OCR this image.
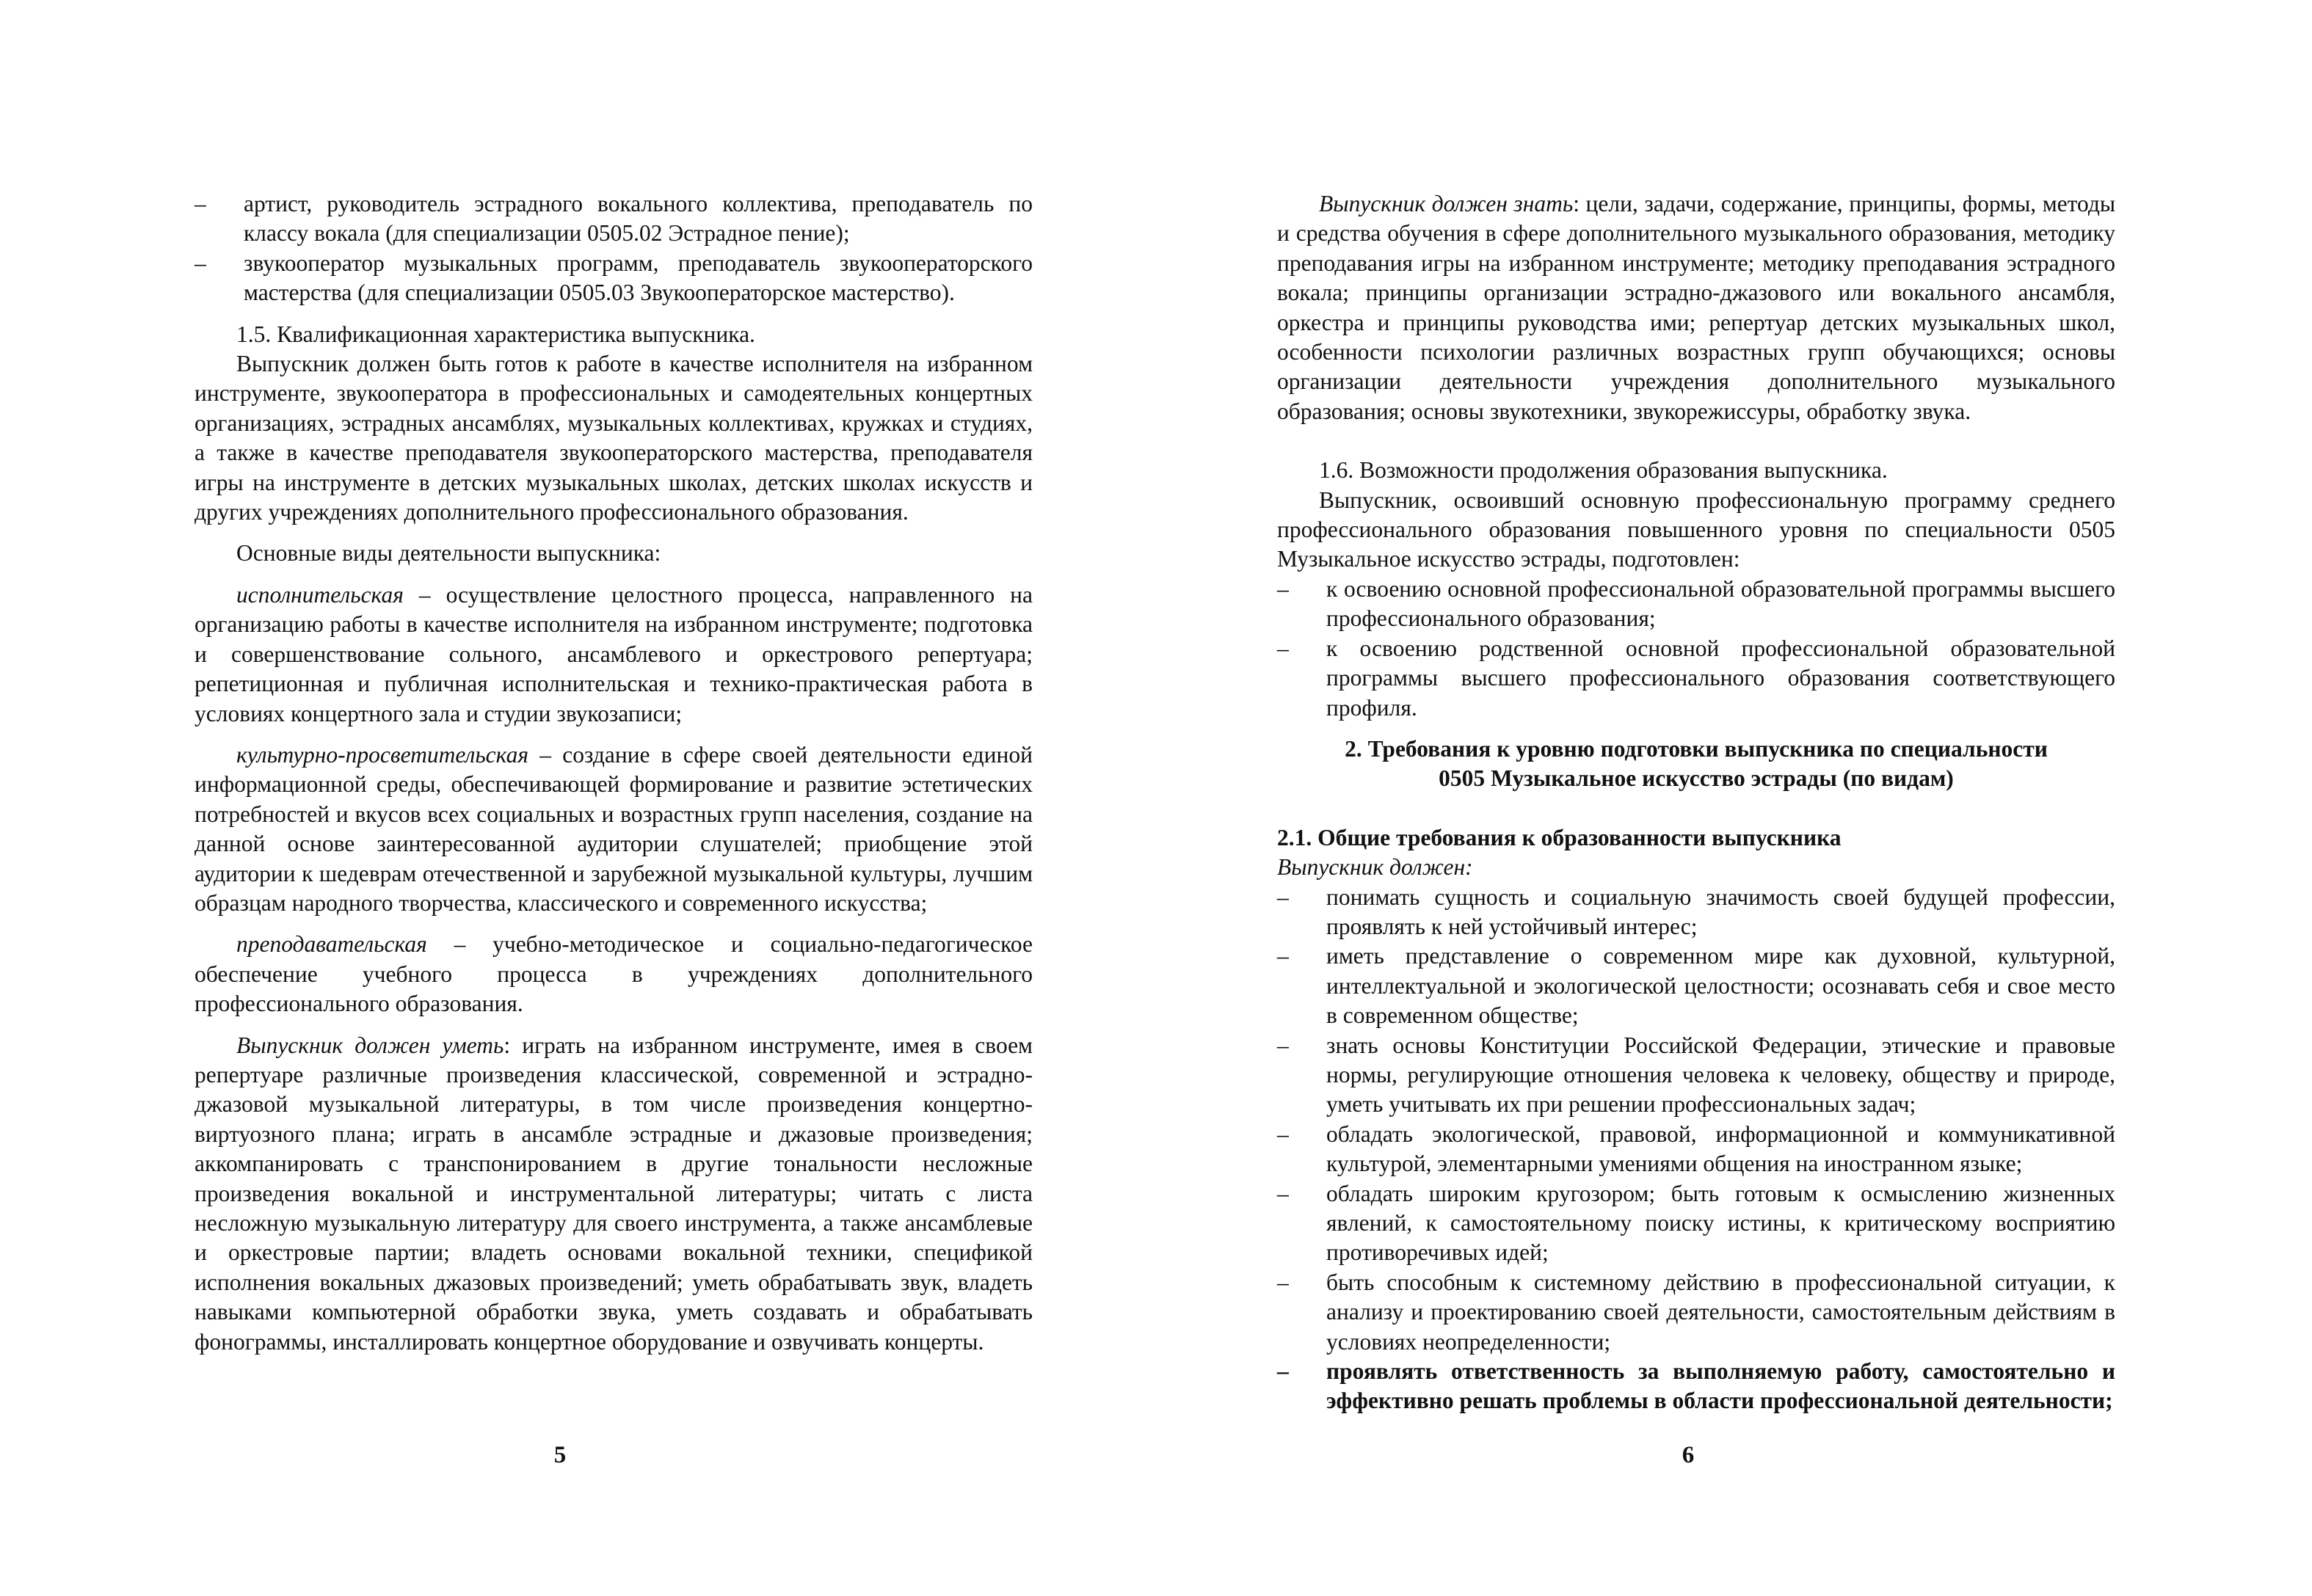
– артист, руководитель эстрадного вокального коллектива, преподаватель по классу вокала (для специализации 0505.02 Эстрадное пение);
– звукооператор музыкальных программ, преподаватель звукооператорского мастерства (для специализации 0505.03 Звукооператорское мастерство).

1.5. Квалификационная характеристика выпускника.

Выпускник должен быть готов к работе в качестве исполнителя на избранном инструменте, звукооператора в профессиональных и самодеятельных концертных организациях, эстрадных ансамблях, музыкальных коллективах, кружках и студиях, а также в качестве преподавателя звукооператорского мастерства, преподавателя игры на инструменте в детских музыкальных школах, детских школах искусств и других учреждениях дополнительного профессионального образования.

Основные виды деятельности выпускника:

исполнительская – осуществление целостного процесса, направленного на организацию работы в качестве исполнителя на избранном инструменте; подготовка и совершенствование сольного, ансамблевого и оркестрового репертуара; репетиционная и публичная исполнительская и технико-практическая работа в условиях концертного зала и студии звукозаписи;

культурно-просветительская – создание в сфере своей деятельности единой информационной среды, обеспечивающей формирование и развитие эстетических потребностей и вкусов всех социальных и возрастных групп населения, создание на данной основе заинтересованной аудитории слушателей; приобщение этой аудитории к шедеврам отечественной и зарубежной музыкальной культуры, лучшим образцам народного творчества, классического и современного искусства;

преподавательская – учебно-методическое и социально-педагогическое обеспечение учебного процесса в учреждениях дополнительного профессионального образования.

Выпускник должен уметь: играть на избранном инструменте, имея в своем репертуаре различные произведения классической, современной и эстрадно-джазовой музыкальной литературы, в том числе произведения концертно-виртуозного плана; играть в ансамбле эстрадные и джазовые произведения; аккомпанировать с транспонированием в другие тональности несложные произведения вокальной и инструментальной литературы; читать с листа несложную музыкальную литературу для своего инструмента, а также ансамблевые и оркестровые партии; владеть основами вокальной техники, спецификой исполнения вокальных джазовых произведений; уметь обрабатывать звук, владеть навыками компьютерной обработки звука, уметь создавать и обрабатывать фонограммы, инсталлировать концертное оборудование и озвучивать концерты.

5

Выпускник должен знать: цели, задачи, содержание, принципы, формы, методы и средства обучения в сфере дополнительного музыкального образования, методику преподавания игры на избранном инструменте; методику преподавания эстрадного вокала; принципы организации эстрадно-джазового или вокального ансамбля, оркестра и принципы руководства ими; репертуар детских музыкальных школ, особенности психологии различных возрастных групп обучающихся; основы организации деятельности учреждения дополнительного музыкального образования; основы звукотехники, звукорежиссуры, обработку звука.

1.6. Возможности продолжения образования выпускника.

Выпускник, освоивший основную профессиональную программу среднего профессионального образования повышенного уровня по специальности 0505 Музыкальное искусство эстрады, подготовлен:

– к освоению основной профессиональной образовательной программы высшего профессионального образования;
– к освоению родственной основной профессиональной образовательной программы высшего профессионального образования соответствующего профиля.
2. Требования к уровню подготовки выпускника по специальности
0505 Музыкальное искусство эстрады (по видам)
2.1. Общие требования к образованности выпускника
Выпускник должен:
– понимать сущность и социальную значимость своей будущей профессии, проявлять к ней устойчивый интерес;
– иметь представление о современном мире как духовной, культурной, интеллектуальной и экологической целостности; осознавать себя и свое место в современном обществе;
– знать основы Конституции Российской Федерации, этические и правовые нормы, регулирующие отношения человека к человеку, обществу и природе, уметь учитывать их при решении профессиональных задач;
– обладать экологической, правовой, информационной и коммуникативной культурой, элементарными умениями общения на иностранном языке;
– обладать широким кругозором; быть готовым к осмыслению жизненных явлений, к самостоятельному поиску истины, к критическому восприятию противоречивых идей;
– быть способным к системному действию в профессиональной ситуации, к анализу и проектированию своей деятельности, самостоятельным действиям в условиях неопределенности;
– проявлять ответственность за выполняемую работу, самостоятельно и эффективно решать проблемы в области профессиональной деятельности;
6
